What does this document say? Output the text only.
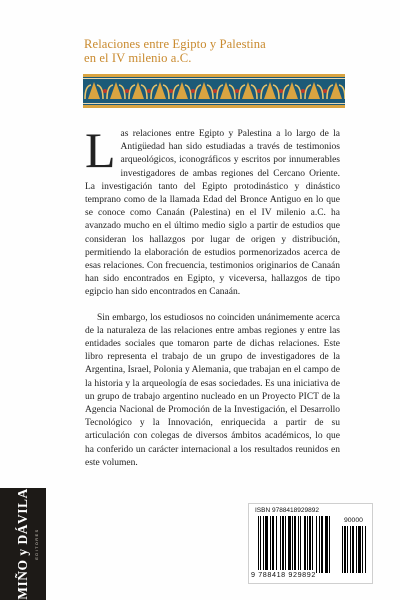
Relaciones entre Egipto y Palestina
en el IV milenio a.C.

Las relaciones entre Egipto y Palestina a lo largo de la Antigüedad han sido estudiadas a través de testimonios arqueológicos, iconográficos y escritos por innumerables investigadores de ambas regiones del Cercano Oriente. La investigación tanto del Egipto protodinástico y dinástico temprano como de la llamada Edad del Bronce Antiguo en lo que se conoce como Canaán (Palestina) en el IV milenio a.C. ha avanzado mucho en el último medio siglo a partir de estudios que consideran los hallazgos por lugar de origen y distribución, permitiendo la elaboración de estudios pormenorizados acerca de esas relaciones. Con frecuencia, testimonios originarios de Canaán han sido encontrados en Egipto, y viceversa, hallazgos de tipo egipcio han sido encontrados en Canaán.

Sin embargo, los estudiosos no coinciden unánimemente acerca de la naturaleza de las relaciones entre ambas regiones y entre las entidades sociales que tomaron parte de dichas relaciones. Este libro representa el trabajo de un grupo de investigadores de la Argentina, Israel, Polonia y Alemania, que trabajan en el campo de la historia y la arqueología de esas sociedades. Es una iniciativa de un grupo de trabajo argentino nucleado en un Proyecto PICT de la Agencia Nacional de Promoción de la Investigación, el Desarrollo Tecnológico y la Innovación, enriquecida a partir de su articulación con colegas de diversos ámbitos académicos, lo que ha conferido un carácter internacional a los resultados reunidos en este volumen.

MIÑO y DÁVILA EDITORES
ISBN 9788418929892
90000
9 788418 929892
